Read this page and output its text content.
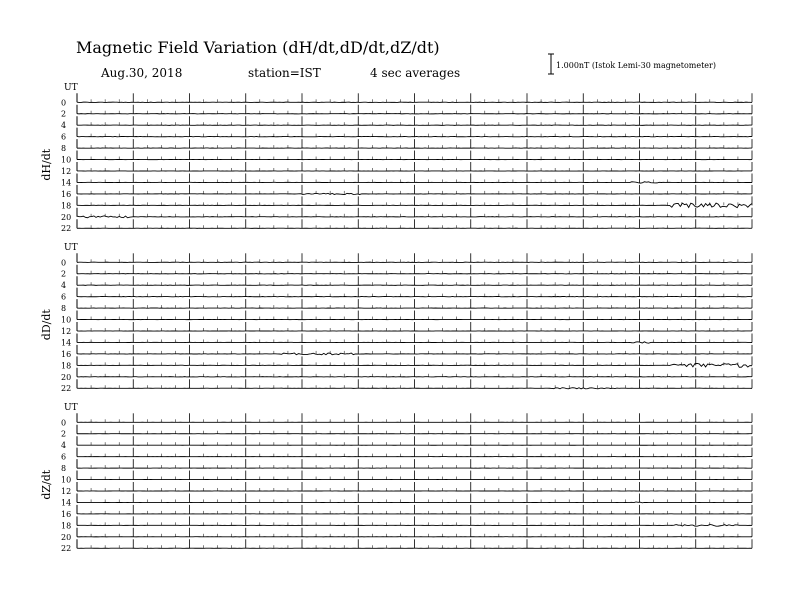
Magnetic Field Variation (dH/dt,dD/dt,dZ/dt)
Aug.30, 2018	station=IST	4 sec averages
1.000nT (Istok Lemi-30 magnetometer)
UT
dH/dt
0
2
4
6
8
10
12
14
16
18
20
22
UT
dD/dt
0
2
4
6
8
10
12
14
16
18
20
22
UT
dZ/dt
0
2
4
6
8
10
12
14
16
18
20
22
